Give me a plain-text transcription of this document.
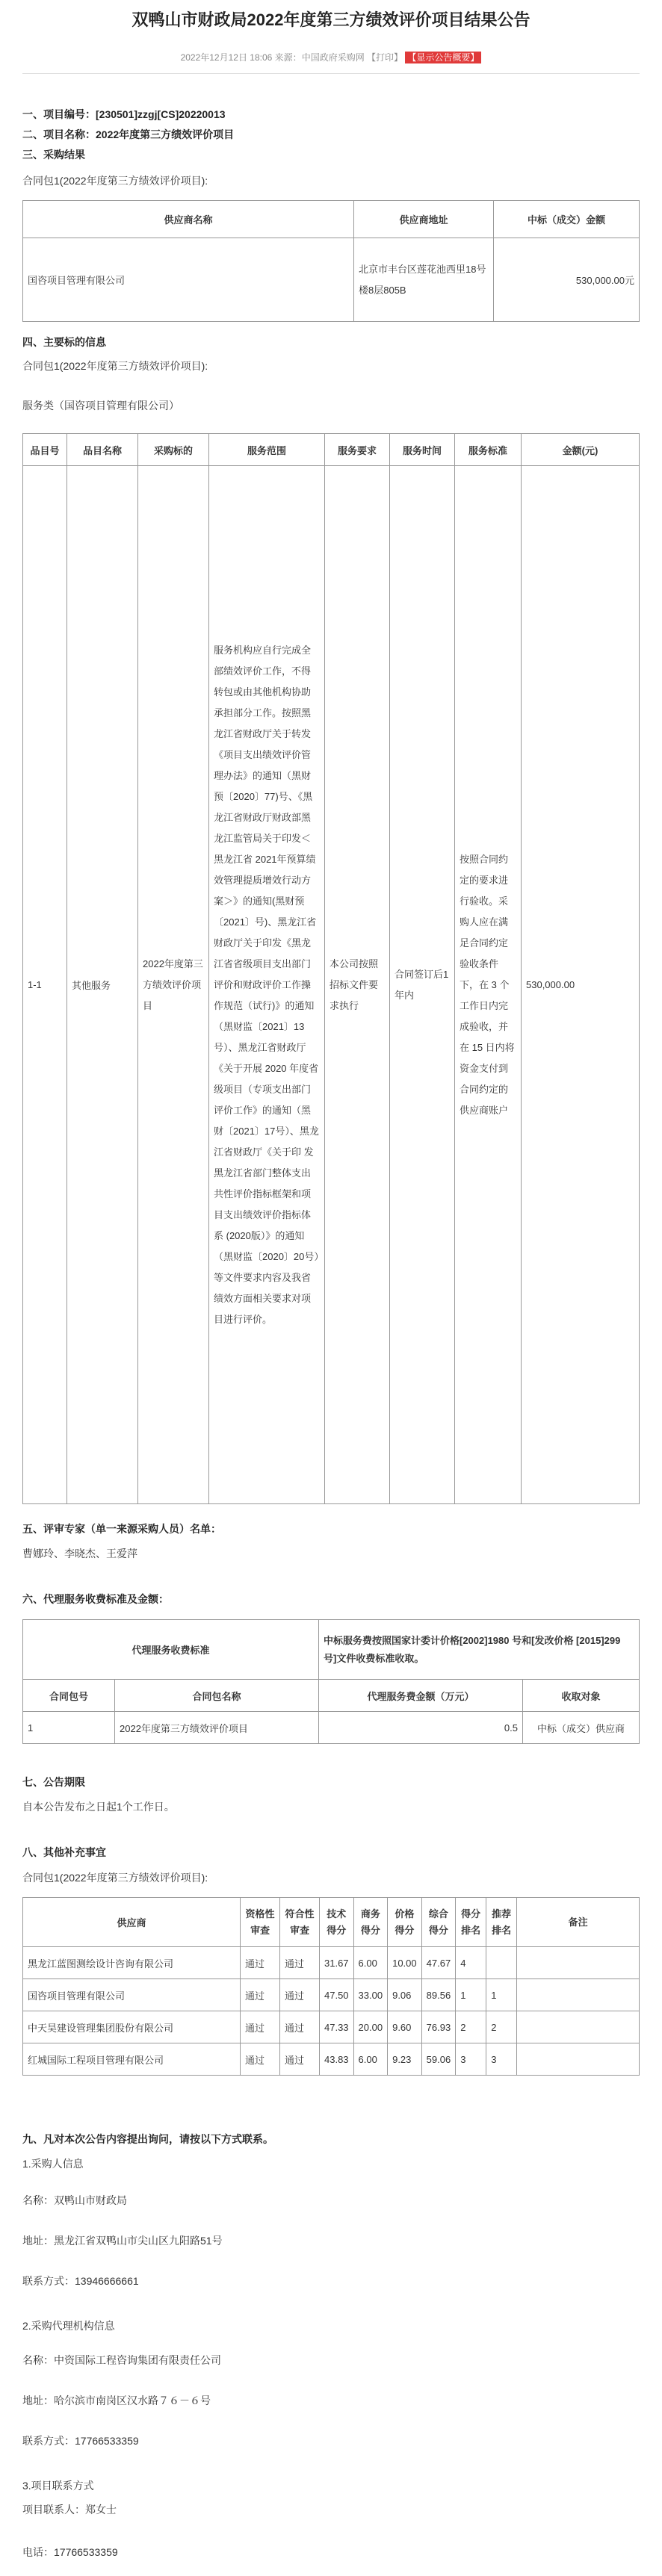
双鸭山市财政局2022年度第三方绩效评价项目结果公告
2022年12月12日 18:06 来源：中国政府采购网 【打印】 【显示公告概要】
一、项目编号：[230501]zzgj[CS]20220013
二、项目名称：2022年度第三方绩效评价项目
三、采购结果
合同包1(2022年度第三方绩效评价项目):
供应商名称	供应商地址	中标（成交）金额
国咨项目管理有限公司	北京市丰台区莲花池西里18号楼8层805B	530,000.00元
四、主要标的信息
合同包1(2022年度第三方绩效评价项目):
服务类（国咨项目管理有限公司）
品目号	品目名称	采购标的	服务范围	服务要求	服务时间	服务标准	金额(元)
1-1	其他服务	2022年度第三方绩效评价项目	服务机构应自行完成全部绩效评价工作，不得转包或由其他机构协助承担部分工作。按照黑龙江省财政厅关于转发《项目支出绩效评价管理办法》的通知（黑财预〔2020〕77)号、《黑龙江省财政厅财政部黑龙江监管局关于印发＜黑龙江省 2021年预算绩效管理提质增效行动方案＞》的通知(黑财预〔2021〕号)、黑龙江省财政厅关于印发《黑龙江省省级项目支出部门评价和财政评价工作操作规范（试行)》的通知（黑财监〔2021〕13号）、黑龙江省财政厅《关于开展 2020 年度省级项目（专项支出部门评价工作》的通知（黑财〔2021〕17号）、黑龙江省财政厅《关于印 发黑龙江省部门整体支出共性评价指标框架和项目支出绩效评价指标体系 (2020版）》的通知（黑财监〔2020〕20号）等文件要求内容及我省绩效方面相关要求对项目进行评价。	本公司按照招标文件要求执行	合同签订后1年内	按照合同约定的要求进行验收。采购人应在满足合同约定验收条件下，在 3 个工作日内完成验收，并在 15 日内将资金支付到合同约定的供应商账户	530,000.00
五、评审专家（单一来源采购人员）名单：
曹娜玲、李晓杰、王爱萍
六、代理服务收费标准及金额：
代理服务收费标准		中标服务费按照国家计委计价格[2002]1980 号和[发改价格 [2015]299 号]文件收费标准收取。	
合同包号	合同包名称	代理服务费金额（万元）	收取对象
1	2022年度第三方绩效评价项目	0.5	中标（成交）供应商
七、公告期限
自本公告发布之日起1个工作日。
八、其他补充事宜
合同包1(2022年度第三方绩效评价项目):
供应商	资格性审查	符合性审查	技术得分	商务得分	价格得分	综合得分	得分排名	推荐排名	备注
黑龙江蓝图测绘设计咨询有限公司	通过	通过	31.67	6.00	10.00	47.67	4		
国咨项目管理有限公司	通过	通过	47.50	33.00	9.06	89.56	1	1	
中天昊建设管理集团股份有限公司	通过	通过	47.33	20.00	9.60	76.93	2	2	
红城国际工程项目管理有限公司	通过	通过	43.83	6.00	9.23	59.06	3	3	
九、凡对本次公告内容提出询问，请按以下方式联系。
1.采购人信息
名称：双鸭山市财政局
地址：黑龙江省双鸭山市尖山区九阳路51号
联系方式：13946666661
2.采购代理机构信息
名称：中资国际工程咨询集团有限责任公司
地址：哈尔滨市南岗区汉水路７６－６号
联系方式：17766533359
3.项目联系方式
项目联系人：郑女士
电话：17766533359
